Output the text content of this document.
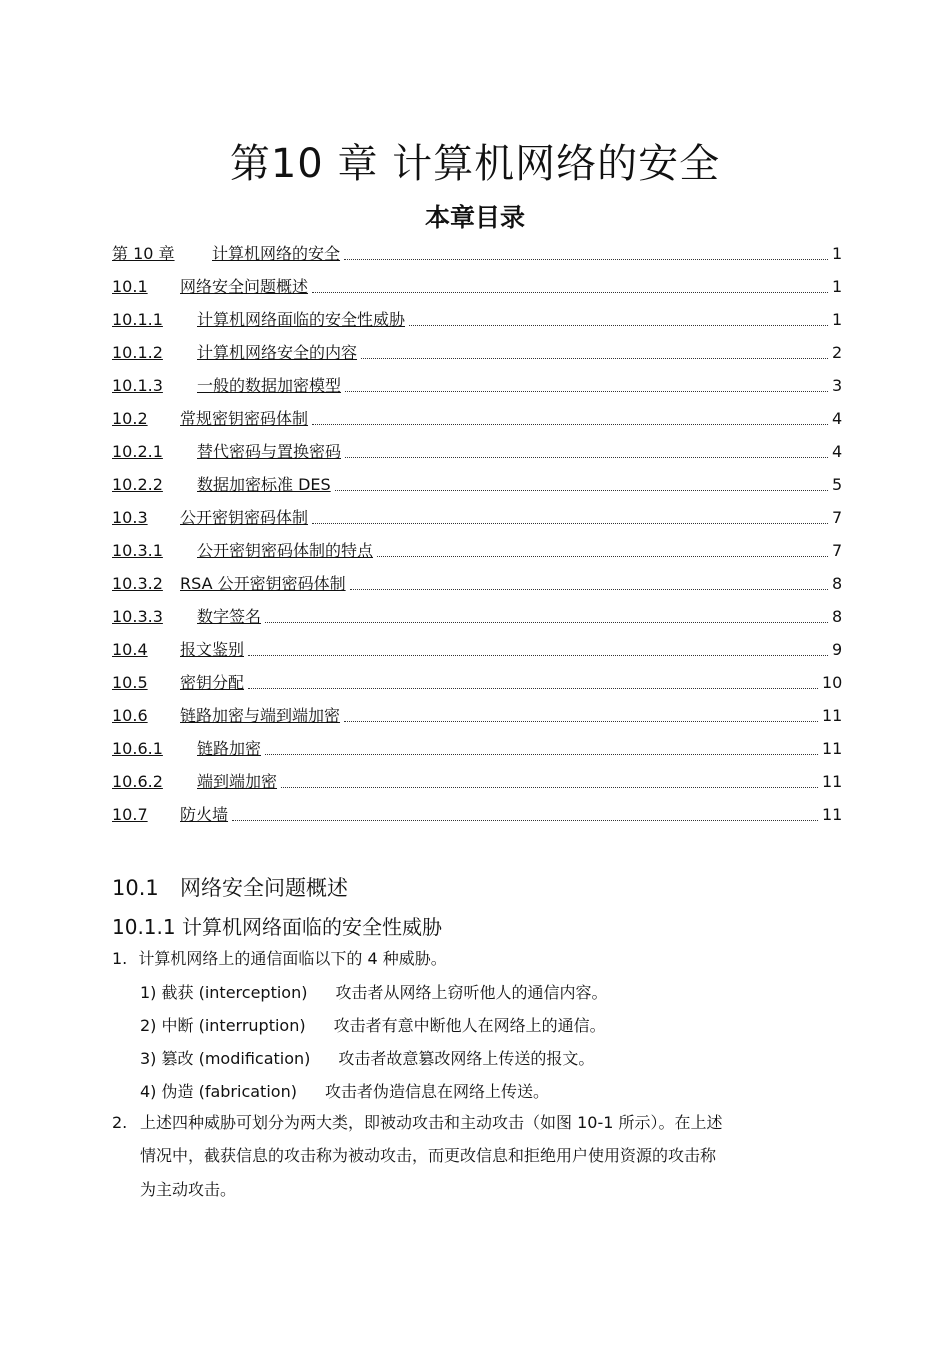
第10 章 计算机网络的安全
本章目录
第 10 章 计算机网络的安全	1
10.1 网络安全问题概述	1
10.1.1 计算机网络面临的安全性威胁	1
10.1.2 计算机网络安全的内容	2
10.1.3 一般的数据加密模型	3
10.2 常规密钥密码体制	4
10.2.1 替代密码与置换密码	4
10.2.2 数据加密标准 DES	5
10.3 公开密钥密码体制	7
10.3.1 公开密钥密码体制的特点	7
10.3.2 RSA 公开密钥密码体制	8
10.3.3 数字签名	8
10.4 报文鉴别	9
10.5 密钥分配	10
10.6 链路加密与端到端加密	11
10.6.1 链路加密	11
10.6.2 端到端加密	11
10.7 防火墙	11
10.1 网络安全问题概述
10.1.1 计算机网络面临的安全性威胁

1. 计算机网络上的通信面临以下的 4 种威胁。

1) 截获 (interception) 攻击者从网络上窃听他人的通信内容。

2) 中断 (interruption) 攻击者有意中断他人在网络上的通信。

3) 篡改 (modification) 攻击者故意篡改网络上传送的报文。

4) 伪造 (fabrication) 攻击者伪造信息在网络上传送。

2. 上述四种威胁可划分为两大类，即被动攻击和主动攻击（如图 10-1 所示）。在上述

情况中，截获信息的攻击称为被动攻击，而更改信息和拒绝用户使用资源的攻击称

为主动攻击。
